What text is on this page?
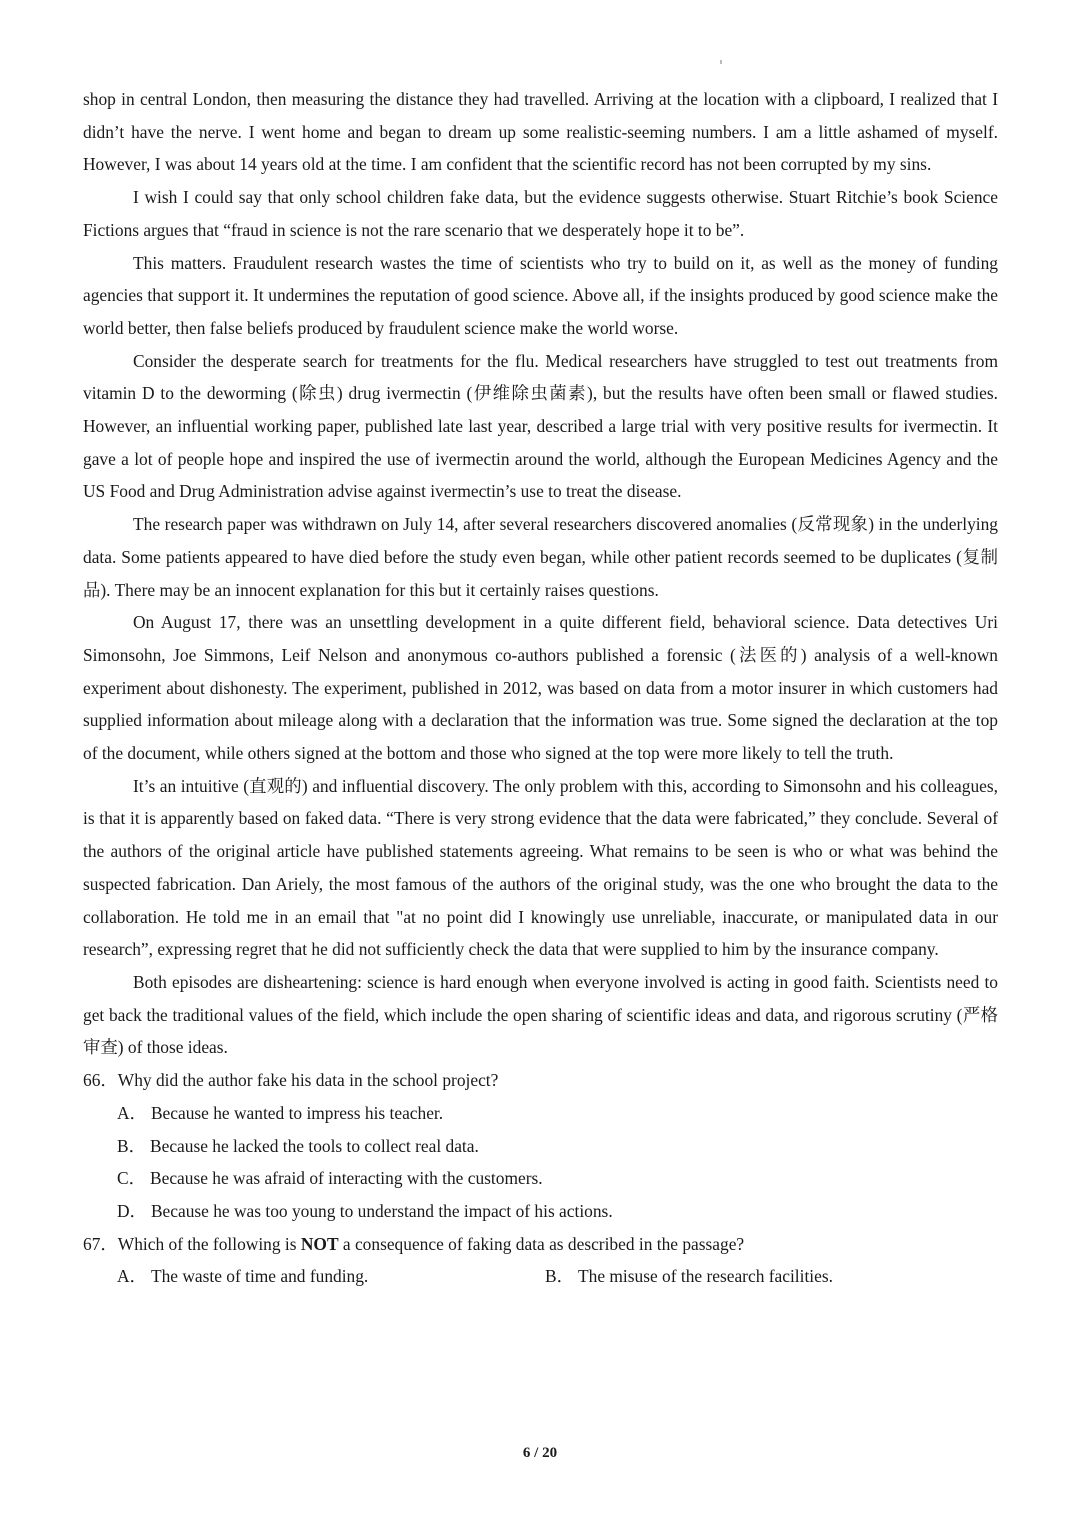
shop in central London, then measuring the distance they had travelled. Arriving at the location with a clipboard, I realized that I didn’t have the nerve. I went home and began to dream up some realistic-seeming numbers. I am a little ashamed of myself. However, I was about 14 years old at the time. I am confident that the scientific record has not been corrupted by my sins.

I wish I could say that only school children fake data, but the evidence suggests otherwise. Stuart Ritchie’s book Science Fictions argues that “fraud in science is not the rare scenario that we desperately hope it to be”.

This matters. Fraudulent research wastes the time of scientists who try to build on it, as well as the money of funding agencies that support it. It undermines the reputation of good science. Above all, if the insights produced by good science make the world better, then false beliefs produced by fraudulent science make the world worse.

Consider the desperate search for treatments for the flu. Medical researchers have struggled to test out treatments from vitamin D to the deworming (除虫) drug ivermectin (伊维除虫菌素), but the results have often been small or flawed studies. However, an influential working paper, published late last year, described a large trial with very positive results for ivermectin. It gave a lot of people hope and inspired the use of ivermectin around the world, although the European Medicines Agency and the US Food and Drug Administration advise against ivermectin’s use to treat the disease.

The research paper was withdrawn on July 14, after several researchers discovered anomalies (反常现象) in the underlying data. Some patients appeared to have died before the study even began, while other patient records seemed to be duplicates (复制品). There may be an innocent explanation for this but it certainly raises questions.

On August 17, there was an unsettling development in a quite different field, behavioral science. Data detectives Uri Simonsohn, Joe Simmons, Leif Nelson and anonymous co-authors published a forensic (法医的) analysis of a well-known experiment about dishonesty. The experiment, published in 2012, was based on data from a motor insurer in which customers had supplied information about mileage along with a declaration that the information was true. Some signed the declaration at the top of the document, while others signed at the bottom and those who signed at the top were more likely to tell the truth.

It’s an intuitive (直观的) and influential discovery. The only problem with this, according to Simonsohn and his colleagues, is that it is apparently based on faked data. “There is very strong evidence that the data were fabricated,” they conclude. Several of the authors of the original article have published statements agreeing. What remains to be seen is who or what was behind the suspected fabrication. Dan Ariely, the most famous of the authors of the original study, was the one who brought the data to the collaboration. He told me in an email that "at no point did I knowingly use unreliable, inaccurate, or manipulated data in our research”, expressing regret that he did not sufficiently check the data that were supplied to him by the insurance company.

Both episodes are disheartening: science is hard enough when everyone involved is acting in good faith. Scientists need to get back the traditional values of the field, which include the open sharing of scientific ideas and data, and rigorous scrutiny (严格审查) of those ideas.

66．Why did the author fake his data in the school project?

A． Because he wanted to impress his teacher.

B． Because he lacked the tools to collect real data.

C． Because he was afraid of interacting with the customers.

D． Because he was too young to understand the impact of his actions.

67．Which of the following is NOT a consequence of faking data as described in the passage?

A． The waste of time and funding.	B． The misuse of the research facilities.
6 / 20
